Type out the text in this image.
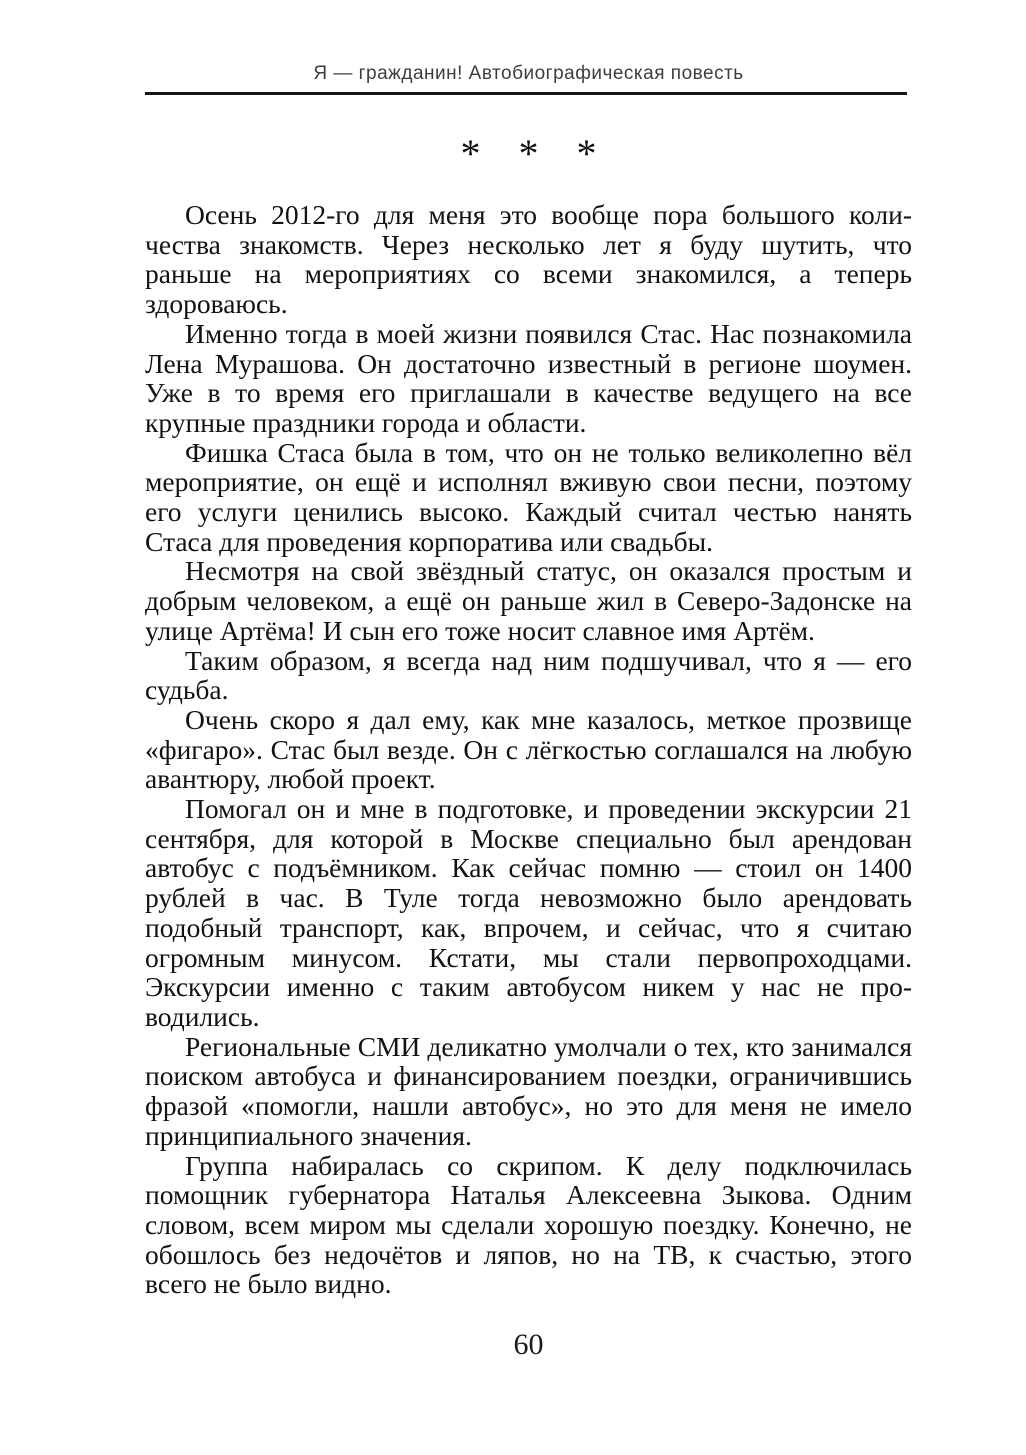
Я — гражданин! Автобиографическая повесть
* * *

Осень 2012-го для меня это вообще пора большого количества знакомств. Через несколько лет я буду шутить, что раньше на мероприятиях со всеми знакомился, а теперь здороваюсь.

Именно тогда в моей жизни появился Стас. Нас познакомила Лена Мурашова. Он достаточно известный в регионе шоумен. Уже в то время его приглашали в качестве ведущего на все крупные праздники города и области.

Фишка Стаса была в том, что он не только великолепно вёл мероприятие, он ещё и исполнял вживую свои песни, поэтому его услуги ценились высоко. Каждый считал честью нанять Стаса для проведения корпоратива или свадьбы.

Несмотря на свой звёздный статус, он оказался простым и добрым человеком, а ещё он раньше жил в Северо-Задонске на улице Артёма! И сын его тоже носит славное имя Артём.

Таким образом, я всегда над ним подшучивал, что я — его судьба.

Очень скоро я дал ему, как мне казалось, меткое прозвище «фигаро». Стас был везде. Он с лёгкостью соглашался на любую авантюру, любой проект.

Помогал он и мне в подготовке, и проведении экскурсии 21 сентября, для которой в Москве специально был арендован автобус с подъёмником. Как сейчас помню — стоил он 1400 рублей в час. В Туле тогда невозможно было арендовать подобный транспорт, как, впрочем, и сейчас, что я считаю огромным минусом. Кстати, мы стали первопроходцами. Экскурсии именно с таким автобусом никем у нас не проводились.

Региональные СМИ деликатно умолчали о тех, кто занимался поиском автобуса и финансированием поездки, ограничившись фразой «помогли, нашли автобус», но это для меня не имело принципиального значения.

Группа набиралась со скрипом. К делу подключилась помощник губернатора Наталья Алексеевна Зыкова. Одним словом, всем миром мы сделали хорошую поездку. Конечно, не обошлось без недочётов и ляпов, но на ТВ, к счастью, этого всего не было видно.

60
